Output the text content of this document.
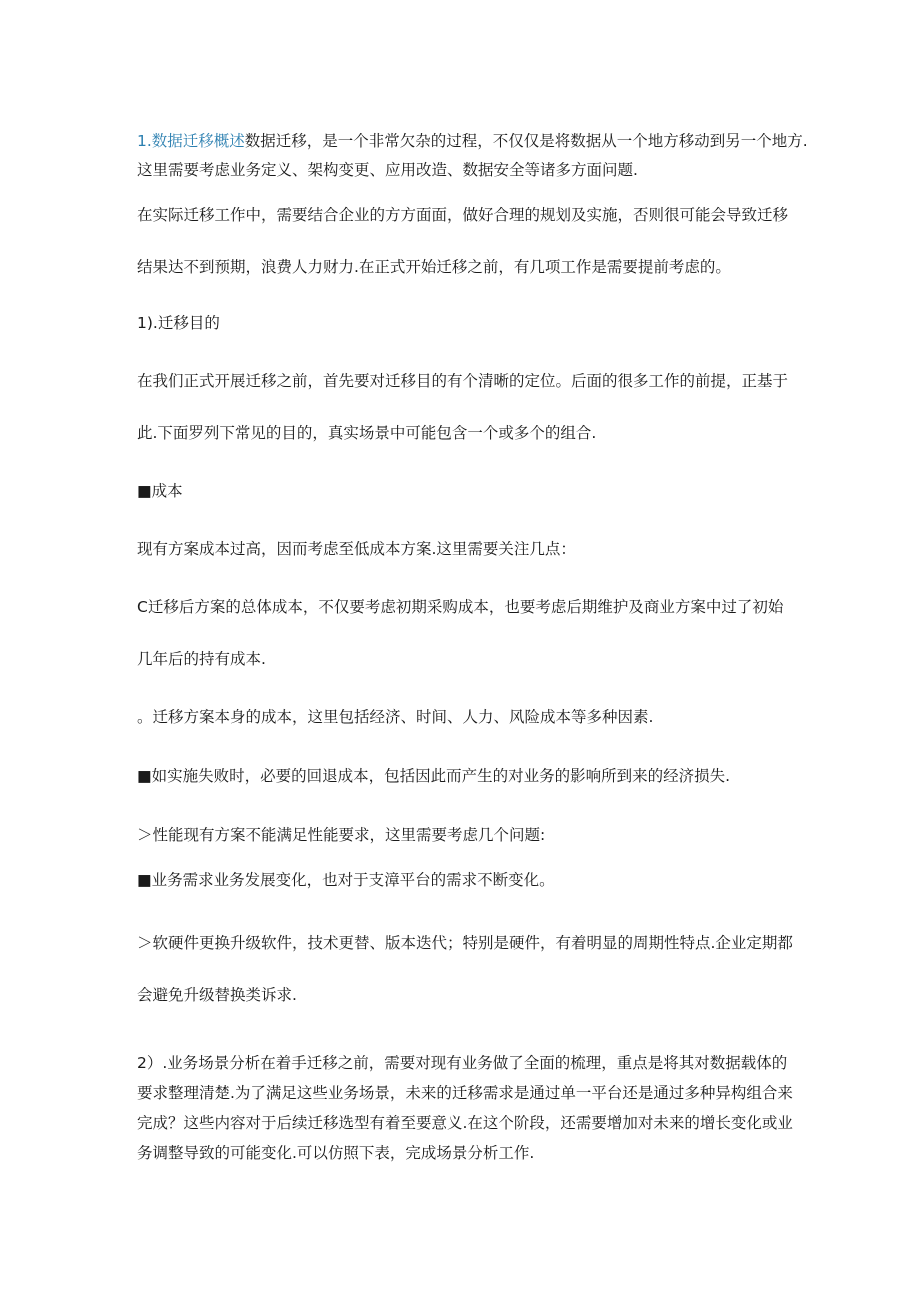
1.数据迁移概述数据迁移，是一个非常欠杂的过程，不仅仅是将数据从一个地方移动到另一个地方.
这里需要考虑业务定义、架构变更、应用改造、数据安全等诸多方面问题.
在实际迁移工作中，需要结合企业的方方面面，做好合理的规划及实施，否则很可能会导致迁移
结果达不到预期，浪费人力财力.在正式开始迁移之前，有几项工作是需要提前考虑的。
1).迁移目的
在我们正式开展迁移之前，首先要对迁移目的有个清晰的定位。后面的很多工作的前提，正基于
此.下面罗列下常见的目的，真实场景中可能包含一个或多个的组合.
■成本
现有方案成本过高，因而考虑至低成本方案.这里需要关注几点：
C迁移后方案的总体成本，不仅要考虑初期采购成本，也要考虑后期维护及商业方案中过了初始
几年后的持有成本.
。迁移方案本身的成本，这里包括经济、时间、人力、风险成本等多种因素.
■如实施失败时，必要的回退成本，包括因此而产生的对业务的影响所到来的经济损失.
＞性能现有方案不能满足性能要求，这里需要考虑几个问题:
■业务需求业务发展变化，也对于支漳平台的需求不断变化。
＞软硬件更换升级软件，技术更替、版本迭代；特别是硬件，有着明显的周期性特点.企业定期都
会避免升级替换类诉求.
2）.业务场景分析在着手迁移之前，需要对现有业务做了全面的梳理，重点是将其对数据载体的
要求整理清楚.为了满足这些业务场景，未来的迁移需求是通过单一平台还是通过多种异构组合来
完成？这些内容对于后续迁移选型有着至要意义.在这个阶段，还需要增加对未来的增长变化或业
务调整导致的可能变化.可以仿照下表，完成场景分析工作.
